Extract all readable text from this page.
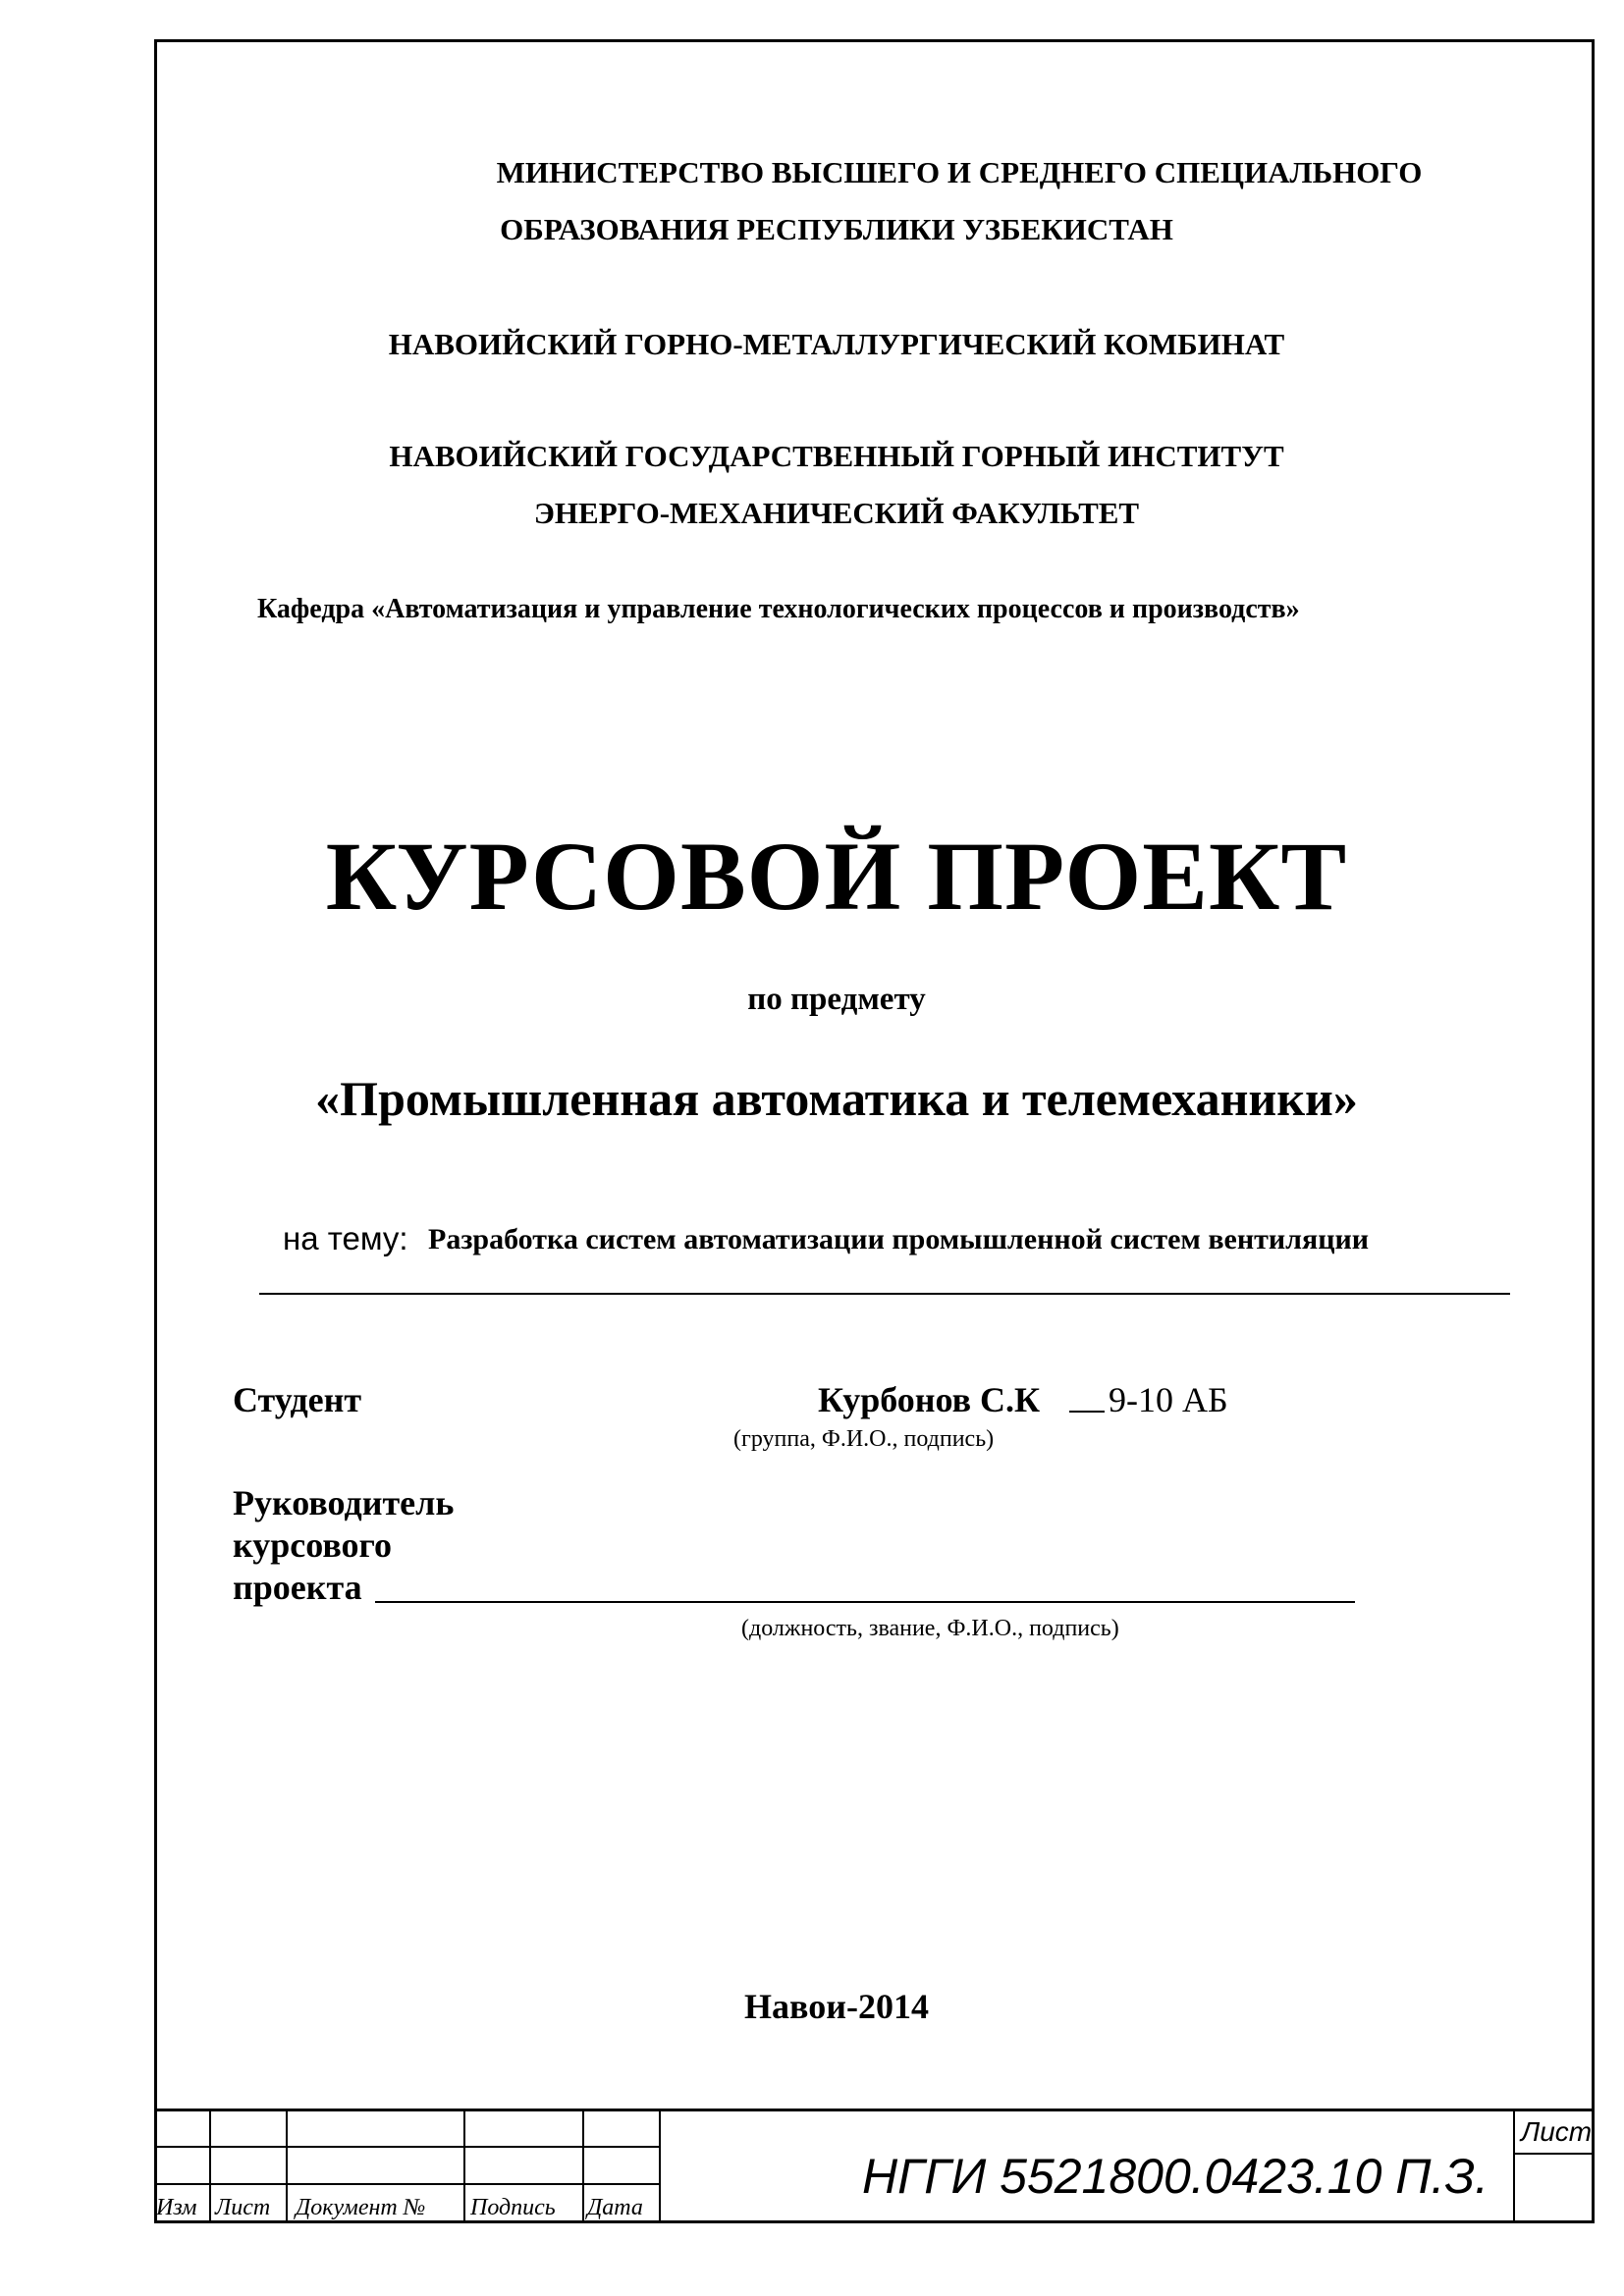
МИНИСТЕРСТВО ВЫСШЕГО И СРЕДНЕГО СПЕЦИАЛЬНОГО
ОБРАЗОВАНИЯ РЕСПУБЛИКИ УЗБЕКИСТАН
НАВОИЙСКИЙ ГОРНО-МЕТАЛЛУРГИЧЕСКИЙ КОМБИНАТ
НАВОИЙСКИЙ ГОСУДАРСТВЕННЫЙ ГОРНЫЙ ИНСТИТУТ
ЭНЕРГО-МЕХАНИЧЕСКИЙ ФАКУЛЬТЕТ
Кафедра «Автоматизация и управление технологических процессов и производств»
КУРСОВОЙ ПРОЕКТ
по предмету
«Промышленная автоматика и телемеханики»
на тему: Разработка систем автоматизации промышленной систем вентиляции
Студент	Курбонов С.К 9-10 АБ
(группа, Ф.И.О., подпись)
Руководитель
курсового
проекта
(должность, звание, Ф.И.О., подпись)
Навои-2014
Изм Лист Документ № Подпись Дата
НГГИ 5521800.0423.10 П.З.
Лист
